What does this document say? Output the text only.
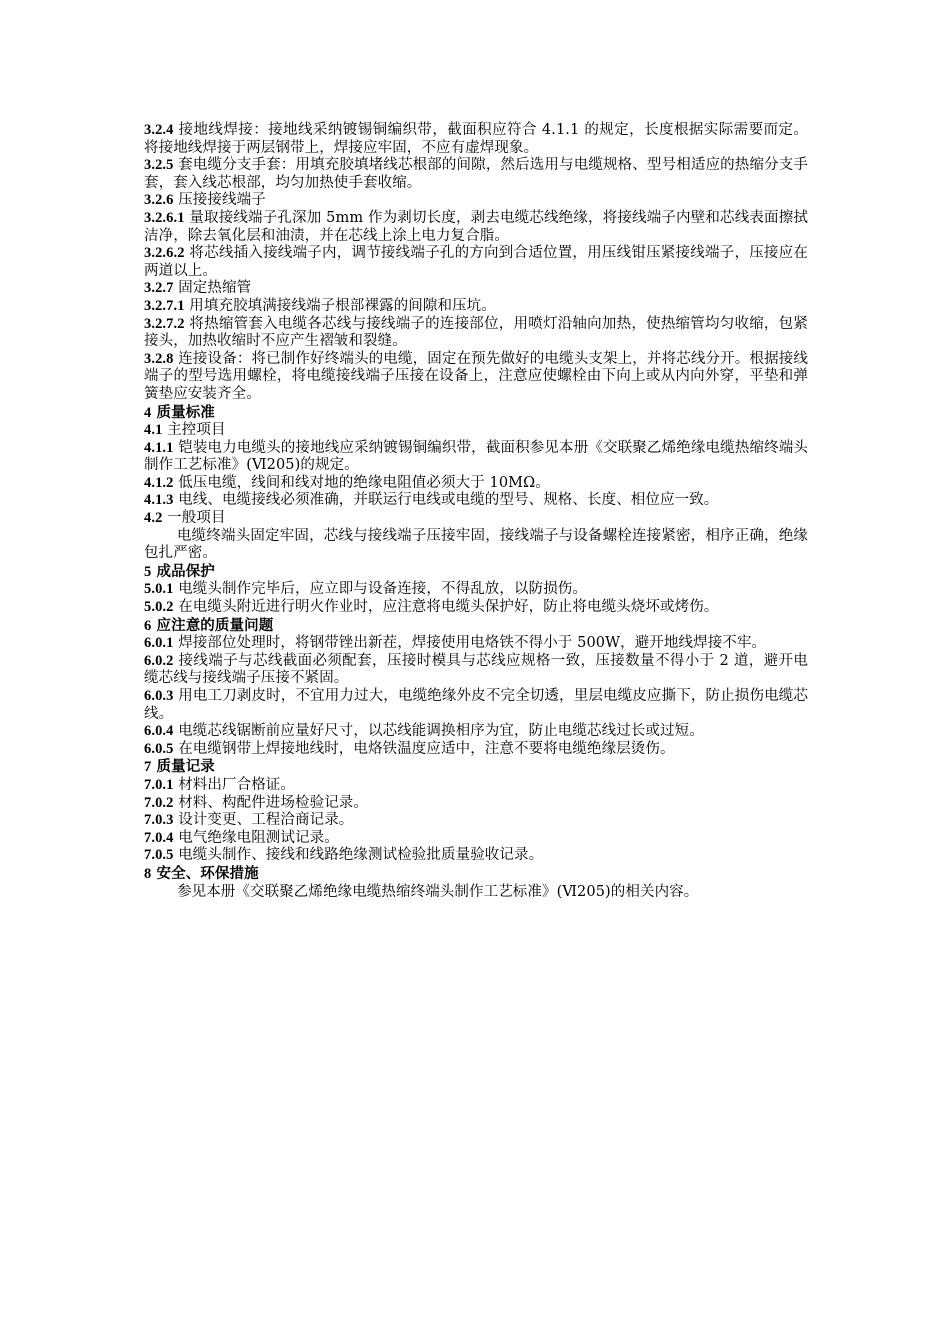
3.2.4 接地线焊接：接地线采纳镀锡铜编织带，截面积应符合 4.1.1 的规定，长度根据实际需要而定。将接地线焊接于两层钢带上，焊接应牢固，不应有虚焊现象。

3.2.5 套电缆分支手套：用填充胶填堵线芯根部的间隙，然后选用与电缆规格、型号相适应的热缩分支手套，套入线芯根部，均匀加热使手套收缩。

3.2.6 压接接线端子

3.2.6.1 量取接线端子孔深加 5mm 作为剥切长度，剥去电缆芯线绝缘，将接线端子内壁和芯线表面擦拭洁净，除去氧化层和油渍，并在芯线上涂上电力复合脂。

3.2.6.2 将芯线插入接线端子内，调节接线端子孔的方向到合适位置，用压线钳压紧接线端子，压接应在两道以上。

3.2.7 固定热缩管

3.2.7.1 用填充胶填满接线端子根部裸露的间隙和压坑。

3.2.7.2 将热缩管套入电缆各芯线与接线端子的连接部位，用喷灯沿轴向加热，使热缩管均匀收缩，包紧接头，加热收缩时不应产生褶皱和裂缝。

3.2.8 连接设备：将已制作好终端头的电缆，固定在预先做好的电缆头支架上，并将芯线分开。根据接线端子的型号选用螺栓，将电缆接线端子压接在设备上，注意应使螺栓由下向上或从内向外穿，平垫和弹簧垫应安装齐全。

4 质量标准

4.1 主控项目

4.1.1 铠装电力电缆头的接地线应采纳镀锡铜编织带，截面积参见本册《交联聚乙烯绝缘电缆热缩终端头制作工艺标准》(Ⅵ205)的规定。

4.1.2 低压电缆，线间和线对地的绝缘电阻值必须大于 10MΩ。

4.1.3 电线、电缆接线必须准确，并联运行电线或电缆的型号、规格、长度、相位应一致。

4.2 一般项目

电缆终端头固定牢固，芯线与接线端子压接牢固，接线端子与设备螺栓连接紧密，相序正确，绝缘包扎严密。

5 成品保护

5.0.1 电缆头制作完毕后，应立即与设备连接，不得乱放，以防损伤。

5.0.2 在电缆头附近进行明火作业时，应注意将电缆头保护好，防止将电缆头烧坏或烤伤。

6 应注意的质量问题

6.0.1 焊接部位处理时，将钢带锉出新茬，焊接使用电烙铁不得小于 500W，避开地线焊接不牢。

6.0.2 接线端子与芯线截面必须配套，压接时模具与芯线应规格一致，压接数量不得小于 2 道，避开电缆芯线与接线端子压接不紧固。

6.0.3 用电工刀剥皮时，不宜用力过大，电缆绝缘外皮不完全切透，里层电缆皮应撕下，防止损伤电缆芯线。

6.0.4 电缆芯线锯断前应量好尺寸，以芯线能调换相序为宜，防止电缆芯线过长或过短。

6.0.5 在电缆钢带上焊接地线时，电烙铁温度应适中，注意不要将电缆绝缘层烫伤。

7 质量记录

7.0.1 材料出厂合格证。

7.0.2 材料、构配件进场检验记录。

7.0.3 设计变更、工程洽商记录。

7.0.4 电气绝缘电阻测试记录。

7.0.5 电缆头制作、接线和线路绝缘测试检验批质量验收记录。

8 安全、环保措施

参见本册《交联聚乙烯绝缘电缆热缩终端头制作工艺标准》(Ⅵ205)的相关内容。
